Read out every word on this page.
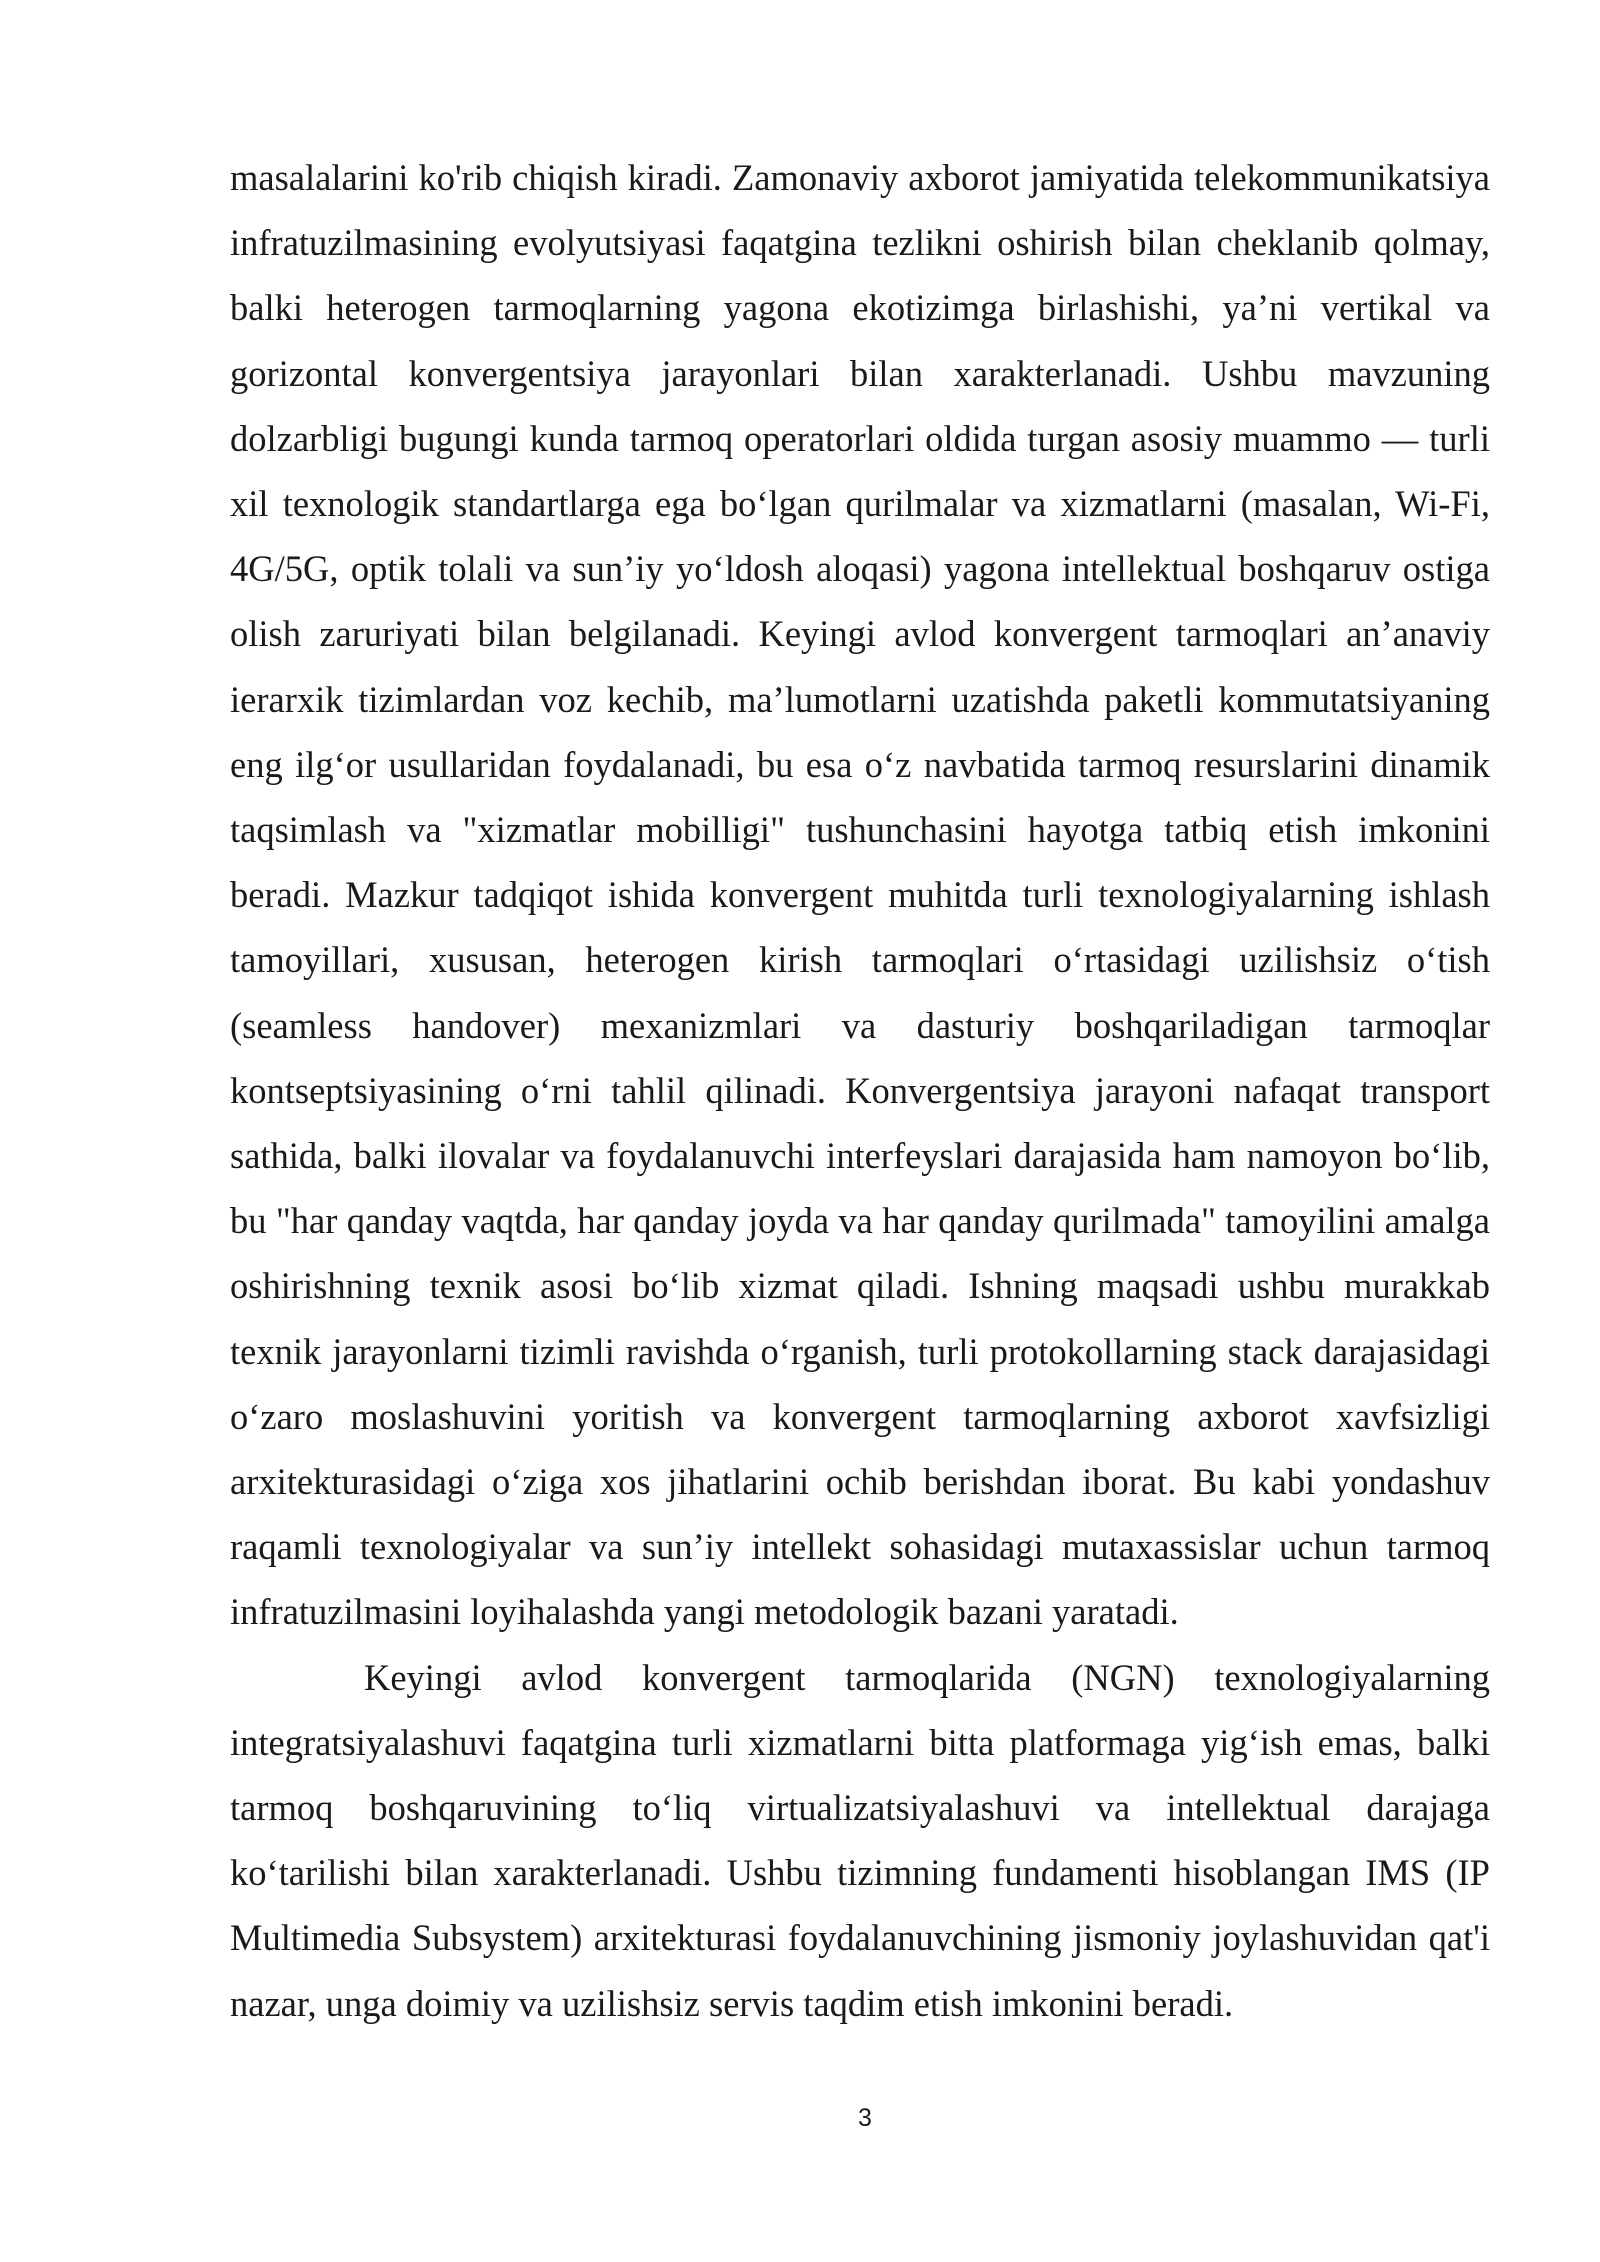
masalalarini ko'rib chiqish kiradi. Zamonaviy axborot jamiyatida telekommunikatsiya infratuzilmasining evolyutsiyasi faqatgina tezlikni oshirish bilan cheklanib qolmay, balki heterogen tarmoqlarning yagona ekotizimga birlashishi, ya’ni vertikal va gorizontal konvergentsiya jarayonlari bilan xarakterlanadi. Ushbu mavzuning dolzarbligi bugungi kunda tarmoq operatorlari oldida turgan asosiy muammo — turli xil texnologik standartlarga ega bo‘lgan qurilmalar va xizmatlarni (masalan, Wi-Fi, 4G/5G, optik tolali va sun’iy yo‘ldosh aloqasi) yagona intellektual boshqaruv ostiga olish zaruriyati bilan belgilanadi. Keyingi avlod konvergent tarmoqlari an’anaviy ierarxik tizimlardan voz kechib, ma’lumotlarni uzatishda paketli kommutatsiyaning eng ilg‘or usullaridan foydalanadi, bu esa o‘z navbatida tarmoq resurslarini dinamik taqsimlash va "xizmatlar mobilligi" tushunchasini hayotga tatbiq etish imkonini beradi. Mazkur tadqiqot ishida konvergent muhitda turli texnologiyalarning ishlash tamoyillari, xususan, heterogen kirish tarmoqlari o‘rtasidagi uzilishsiz o‘tish (seamless handover) mexanizmlari va dasturiy boshqariladigan tarmoqlar kontseptsiyasining o‘rni tahlil qilinadi. Konvergentsiya jarayoni nafaqat transport sathida, balki ilovalar va foydalanuvchi interfeyslari darajasida ham namoyon bo‘lib, bu "har qanday vaqtda, har qanday joyda va har qanday qurilmada" tamoyilini amalga oshirishning texnik asosi bo‘lib xizmat qiladi. Ishning maqsadi ushbu murakkab texnik jarayonlarni tizimli ravishda o‘rganish, turli protokollarning stack darajasidagi o‘zaro moslashuvini yoritish va konvergent tarmoqlarning axborot xavfsizligi arxitekturasidagi o‘ziga xos jihatlarini ochib berishdan iborat. Bu kabi yondashuv raqamli texnologiyalar va sun’iy intellekt sohasidagi mutaxassislar uchun tarmoq infratuzilmasini loyihalashda yangi metodologik bazani yaratadi.

Keyingi avlod konvergent tarmoqlarida (NGN) texnologiyalarning integratsiyalashuvi faqatgina turli xizmatlarni bitta platformaga yig‘ish emas, balki tarmoq boshqaruvining to‘liq virtualizatsiyalashuvi va intellektual darajaga ko‘tarilishi bilan xarakterlanadi. Ushbu tizimning fundamenti hisoblangan IMS (IP Multimedia Subsystem) arxitekturasi foydalanuvchining jismoniy joylashuvidan qat'i nazar, unga doimiy va uzilishsiz servis taqdim etish imkonini beradi.

3
